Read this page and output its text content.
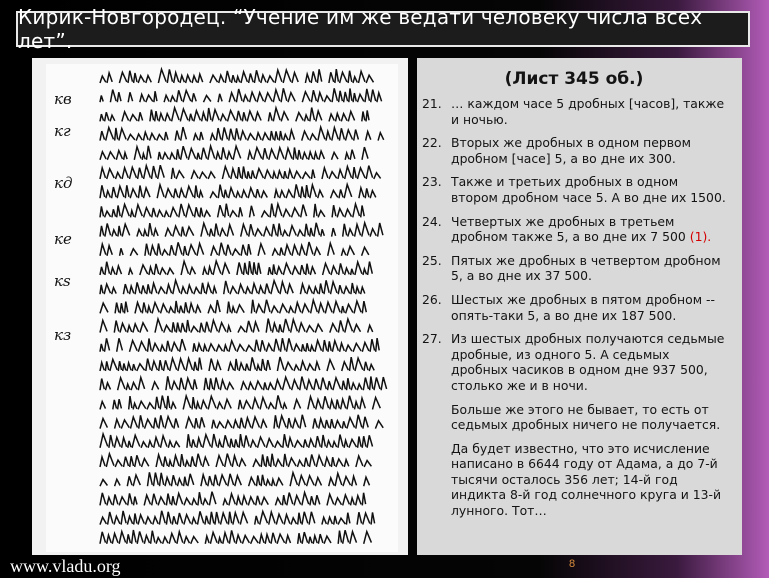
Кирик-Новгородец. “Учение им же ведати человеку числа всех лет”.
кв
кг
кд
ке
кѕ
кз
(Лист 345 об.)
21. … каждом часе 5 дробных [часов], также и ночью.
22. Вторых же дробных в одном первом дробном [часе] 5, а во дне их 300.
23. Также и третьих дробных в одном втором дробном часе 5. А во дне их 1500.
24. Четвертых же дробных в третьем дробном также 5, а во дне их 7 500 (1).
25. Пятых же дробных в четвертом дробном 5, а во дне их 37 500.
26. Шестых же дробных в пятом дробном -- опять-таки 5, а во дне их 187 500.
27. Из шестых дробных получаются седьмые дробные, из одного 5. А седьмых дробных часиков в одном дне 937 500, столько же и в ночи.
Больше же этого не бывает, то есть от седьмых дробных ничего не получается.
Да будет известно, что это исчисление написано в 6644 году от Адама, а до 7-й тысячи осталось 356 лет; 14-й год индикта 8-й год солнечного круга и 13-й лунного. Тот…
www.vladu.org	8
